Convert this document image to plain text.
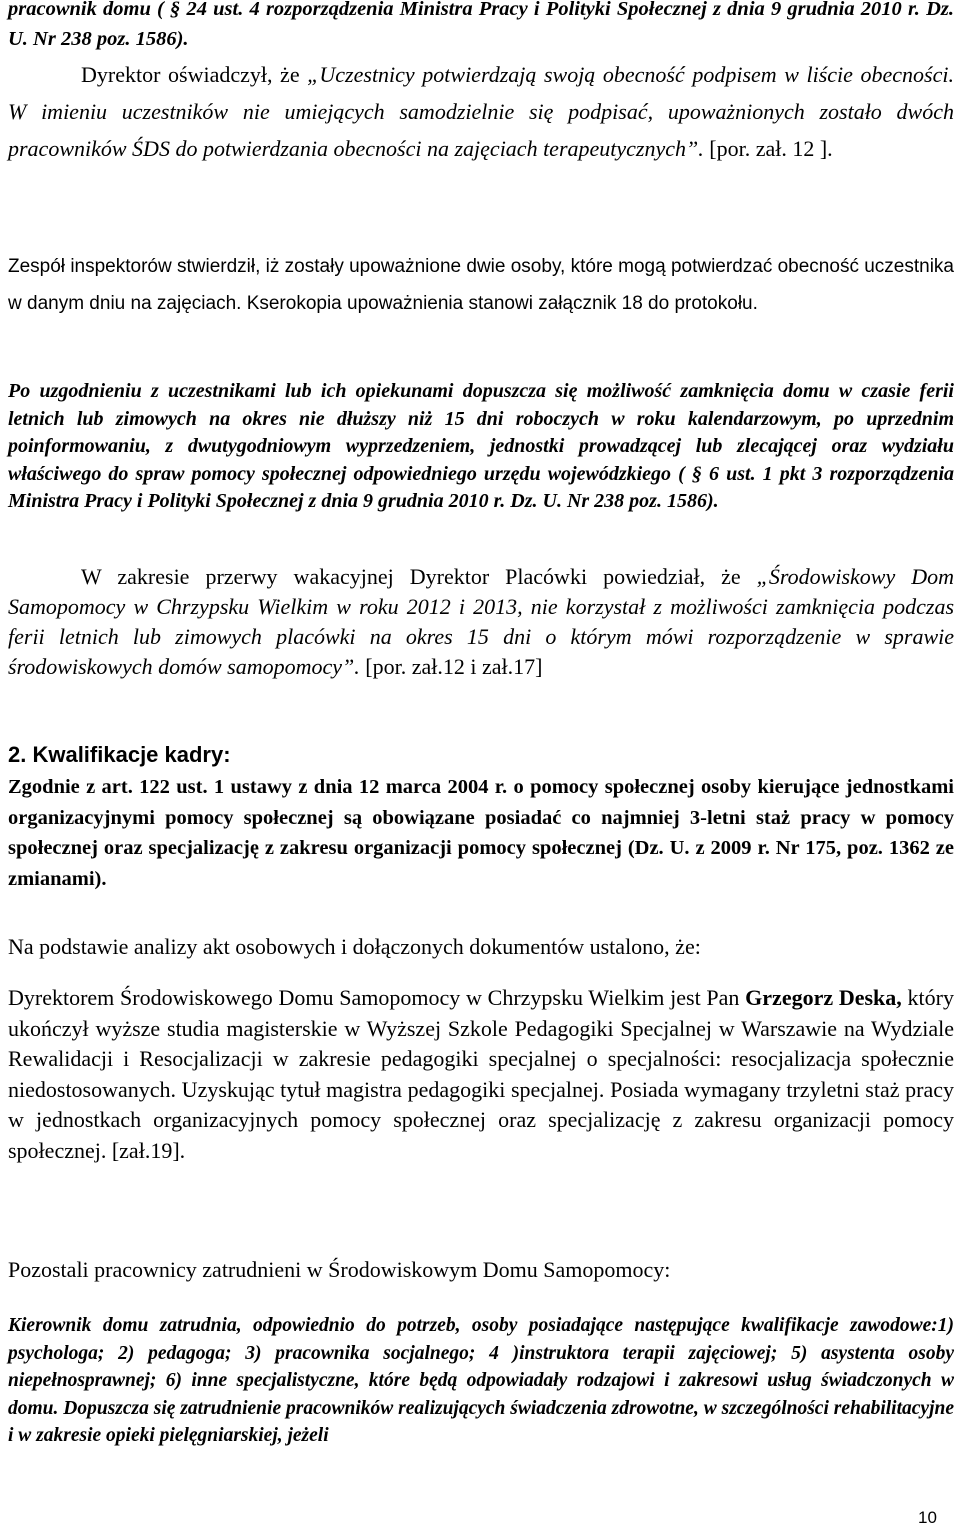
pracownik domu ( § 24 ust. 4 rozporządzenia Ministra Pracy i Polityki Społecznej z dnia 9 grudnia 2010 r. Dz. U. Nr 238 poz. 1586).

Dyrektor oświadczył, że „Uczestnicy potwierdzają swoją obecność podpisem w liście obecności. W imieniu uczestników nie umiejących samodzielnie się podpisać, upoważnionych zostało dwóch pracowników ŚDS do potwierdzania obecności na zajęciach terapeutycznych”. [por. zał. 12 ].

Zespół inspektorów stwierdził, iż zostały upoważnione dwie osoby, które mogą potwierdzać obecność uczestnika w danym dniu na zajęciach. Kserokopia upoważnienia stanowi załącznik 18 do protokołu.

Po uzgodnieniu z uczestnikami lub ich opiekunami dopuszcza się możliwość zamknięcia domu w czasie ferii letnich lub zimowych na okres nie dłuższy niż 15 dni roboczych w roku kalendarzowym, po uprzednim poinformowaniu, z dwutygodniowym wyprzedzeniem, jednostki prowadzącej lub zlecającej oraz wydziału właściwego do spraw pomocy społecznej odpowiedniego urzędu wojewódzkiego ( § 6 ust. 1 pkt 3 rozporządzenia Ministra Pracy i Polityki Społecznej z dnia 9 grudnia 2010 r. Dz. U. Nr 238 poz. 1586).

W zakresie przerwy wakacyjnej Dyrektor Placówki powiedział, że „Środowiskowy Dom Samopomocy w Chrzypsku Wielkim w roku 2012 i 2013, nie korzystał z możliwości zamknięcia podczas ferii letnich lub zimowych placówki na okres 15 dni o którym mówi rozporządzenie w sprawie środowiskowych domów samopomocy”. [por. zał.12 i zał.17]

2. Kwalifikacje kadry:

Zgodnie z art. 122 ust. 1 ustawy z dnia 12 marca 2004 r. o pomocy społecznej osoby kierujące jednostkami organizacyjnymi pomocy społecznej są obowiązane posiadać co najmniej 3-letni staż pracy w pomocy społecznej oraz specjalizację z zakresu organizacji pomocy społecznej (Dz. U. z 2009 r. Nr 175, poz. 1362 ze zmianami).

Na podstawie analizy akt osobowych i dołączonych dokumentów ustalono, że:

Dyrektorem Środowiskowego Domu Samopomocy w Chrzypsku Wielkim jest Pan Grzegorz Deska, który ukończył wyższe studia magisterskie w Wyższej Szkole Pedagogiki Specjalnej w Warszawie na Wydziale Rewalidacji i Resocjalizacji w zakresie pedagogiki specjalnej o specjalności: resocjalizacja społecznie niedostosowanych. Uzyskując tytuł magistra pedagogiki specjalnej. Posiada wymagany trzyletni staż pracy w jednostkach organizacyjnych pomocy społecznej oraz specjalizację z zakresu organizacji pomocy społecznej. [zał.19].

Pozostali pracownicy zatrudnieni w Środowiskowym Domu Samopomocy:

Kierownik domu zatrudnia, odpowiednio do potrzeb, osoby posiadające następujące kwalifikacje zawodowe:1) psychologa; 2) pedagoga; 3) pracownika socjalnego; 4 )instruktora terapii zajęciowej; 5) asystenta osoby niepełnosprawnej; 6) inne specjalistyczne, które będą odpowiadały rodzajowi i zakresowi usług świadczonych w domu. Dopuszcza się zatrudnienie pracowników realizujących świadczenia zdrowotne, w szczególności rehabilitacyjne i w zakresie opieki pielęgniarskiej, jeżeli

10
